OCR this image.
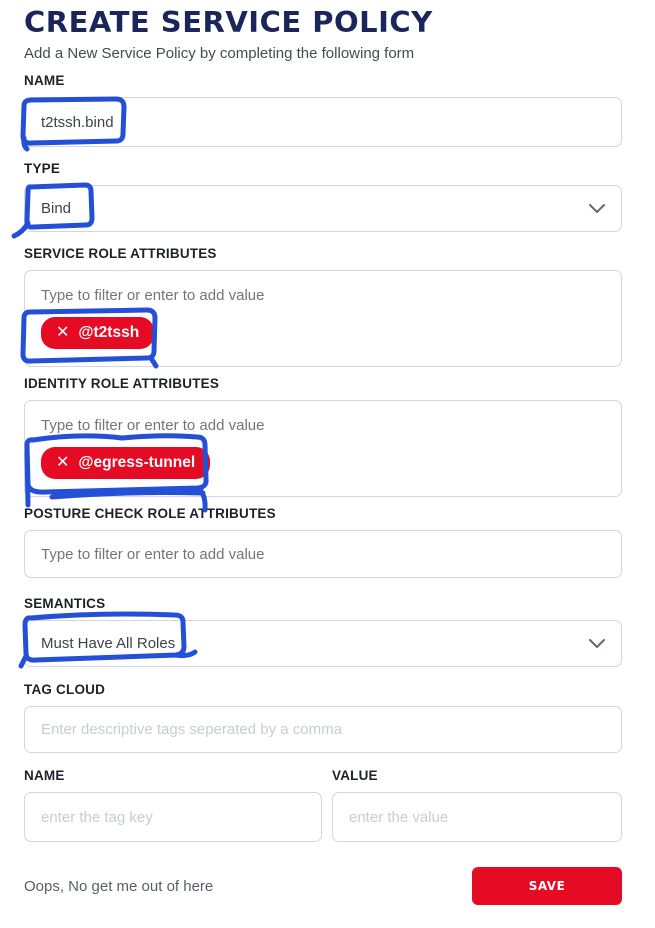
CREATE SERVICE POLICY
Add a New Service Policy by completing the following form
NAME
t2tssh.bind
TYPE
Bind
SERVICE ROLE ATTRIBUTES
Type to filter or enter to add value
✕ @t2tssh
IDENTITY ROLE ATTRIBUTES
Type to filter or enter to add value
✕ @egress-tunnel
POSTURE CHECK ROLE ATTRIBUTES
Type to filter or enter to add value
SEMANTICS
Must Have All Roles
TAG CLOUD
Enter descriptive tags seperated by a comma
NAME
enter the tag key	VALUE
enter the value
Oops, No get me out of here	SAVE
